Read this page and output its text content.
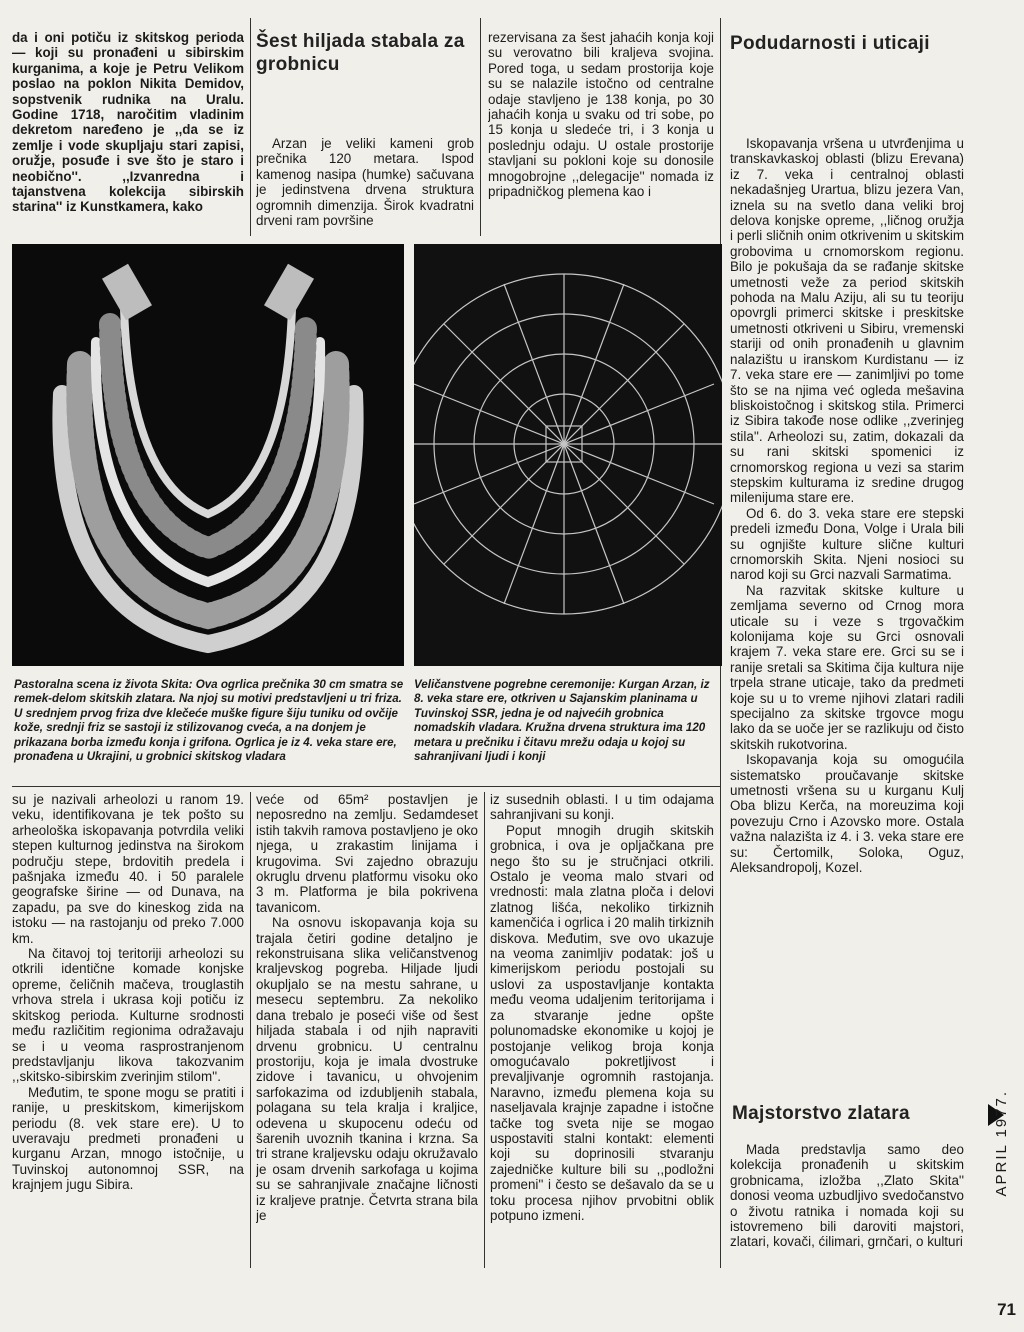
da i oni potiču iz skitskog perioda — koji su pronađeni u sibirskim kurganima, a koje je Petru Velikom poslao na poklon Nikita Demidov, sopstvenik rudnika na Uralu. Godine 1718, naročitim vladinim dekretom naređeno je ,,da se iz zemlje i vode skupljaju stari zapisi, oružje, posuđe i sve što je staro i neobično''. ,,Izvanredna i tajanstvena kolekcija sibirskih starina'' iz Kunstkamera, kako

Šest hiljada stabala za grobnicu

Arzan je veliki kameni grob prečnika 120 metara. Ispod kamenog nasipa (humke) sačuvana je jedinstvena drvena struktura ogromnih dimenzija. Širok kvadratni drveni ram površine

rezervisana za šest jahaćih konja koji su verovatno bili kraljeva svojina. Pored toga, u sedam prostorija koje su se nalazile istočno od centralne odaje stavljeno je 138 konja, po 30 jahaćih konja u svaku od tri sobe, po 15 konja u sledeće tri, i 3 konja u poslednju odaju. U ostale prostorije stavljani su pokloni koje su donosile mnogobrojne ,,delegacije'' nomada iz pripadničkog plemena kao i

Podudarnosti i uticaji

Iskopavanja vršena u utvrđenjima u transkavkaskoj oblasti (blizu Erevana) iz 7. veka i centralnoj oblasti nekadašnjeg Urartua, blizu jezera Van, iznela su na svetlo dana veliki broj delova konjske opreme, ,,ličnog oružja i perli sličnih onim otkrivenim u skitskim grobovima u crnomorskom regionu. Bilo je pokušaja da se rađanje skitske umetnosti veže za period skitskih pohoda na Malu Aziju, ali su tu teoriju opovrgli primerci skitske i preskitske umetnosti otkriveni u Sibiru, vremenski stariji od onih pronađenih u glavnim nalazištu u iranskom Kurdistanu — iz 7. veka stare ere — zanimljivi po tome što se na njima već ogleda mešavina bliskoistočnog i skitskog stila. Primerci iz Sibira takođe nose odlike ,,zverinjeg stila''. Arheolozi su, zatim, dokazali da su rani skitski spomenici iz crnomorskog regiona u vezi sa starim stepskim kulturama iz sredine drugog milenijuma stare ere.

Od 6. do 3. veka stare ere stepski predeli između Dona, Volge i Urala bili su ognjište kulture slične kulturi crnomorskih Skita. Njeni nosioci su narod koji su Grci nazvali Sarmatima.

Na razvitak skitske kulture u zemljama severno od Crnog mora uticale su i veze s trgovačkim kolonijama koje su Grci osnovali krajem 7. veka stare ere. Grci su se i ranije sretali sa Skitima čija kultura nije trpela strane uticaje, tako da predmeti koje su u to vreme njihovi zlatari radili specijalno za skitske trgovce mogu lako da se uoče jer se razlikuju od čisto skitskih rukotvorina.

Iskopavanja koja su omogućila sistematsko proučavanje skitske umetnosti vršena su u kurganu Kulj Oba blizu Kerča, na moreuzima koji povezuju Crno i Azovsko more. Ostala važna nalazišta iz 4. i 3. veka stare ere su: Čertomilk, Soloka, Oguz, Aleksandropolj, Kozel.

Majstorstvo zlatara

Mada predstavlja samo deo kolekcija pronađenih u skitskim grobnicama, izložba ,,Zlato Skita'' donosi veoma uzbudljivo svedočanstvo o životu ratnika i nomada koji su istovremeno bili daroviti majstori, zlatari, kovači, ćilimari, grnčari, o kulturi

Pastoralna scena iz života Skita: Ova ogrlica prečnika 30 cm smatra se remek-delom skitskih zlatara. Na njoj su motivi predstavljeni u tri friza. U srednjem prvog friza dve klečeće muške figure šiju tuniku od ovčije kože, srednji friz se sastoji iz stilizovanog cveća, a na donjem je prikazana borba između konja i grifona. Ogrlica je iz 4. veka stare ere, pronađena u Ukrajini, u grobnici skitskog vladara

Veličanstvene pogrebne ceremonije: Kurgan Arzan, iz 8. veka stare ere, otkriven u Sajanskim planinama u Tuvinskoj SSR, jedna je od najvećih grobnica nomadskih vladara. Kružna drvena struktura ima 120 metara u prečniku i čitavu mrežu odaja u kojoj su sahranjivani ljudi i konji

su je nazivali arheolozi u ranom 19. veku, identifikovana je tek pošto su arheološka iskopavanja potvrdila veliki stepen kulturnog jedinstva na širokom području stepe, brdovitih predela i pašnjaka između 40. i 50 paralele geografske širine — od Dunava, na zapadu, pa sve do kineskog zida na istoku — na rastojanju od preko 7.000 km.

Na čitavoj toj teritoriji arheolozi su otkrili identične komade konjske opreme, čeličnih mačeva, trouglastih vrhova strela i ukrasa koji potiču iz skitskog perioda. Kulturne srodnosti među različitim regionima odražavaju se i u veoma rasprostranjenom predstavljanju likova takozvanim ,,skitsko-sibirskim zverinjim stilom''.

Međutim, te spone mogu se pratiti i ranije, u preskitskom, kimerijskom periodu (8. vek stare ere). U to uveravaju predmeti pronađeni u kurganu Arzan, mnogo istočnije, u Tuvinskoj autonomnoj SSR, na krajnjem jugu Sibira.

veće od 65m² postavljen je neposredno na zemlju. Sedamdeset istih takvih ramova postavljeno je oko njega, u zrakastim linijama i krugovima. Svi zajedno obrazuju okruglu drvenu platformu visoku oko 3 m. Platforma je bila pokrivena tavanicom.

Na osnovu iskopavanja koja su trajala četiri godine detaljno je rekonstruisana slika veličanstvenog kraljevskog pogreba. Hiljade ljudi okupljalo se na mestu sahrane, u mesecu septembru. Za nekoliko dana trebalo je poseći više od šest hiljada stabala i od njih napraviti drvenu grobnicu. U centralnu prostoriju, koja je imala dvostruke zidove i tavanicu, u ohvojenim sarfokazima od izdubljenih stabala, polagana su tela kralja i kraljice, odevena u skupocenu odeću od šarenih uvoznih tkanina i krzna. Sa tri strane kraljevsku odaju okružavalo je osam drvenih sarkofaga u kojima su se sahranjivale značajne ličnosti iz kraljeve pratnje. Četvrta strana bila je

iz susednih oblasti. I u tim odajama sahranjivani su konji.

Poput mnogih drugih skitskih grobnica, i ova je opljačkana pre nego što su je stručnjaci otkrili. Ostalo je veoma malo stvari od vrednosti: mala zlatna ploča i delovi zlatnog lišća, nekoliko tirkiznih kamenčića i ogrlica i 20 malih tirkiznih diskova. Međutim, sve ovo ukazuje na veoma zanimljiv podatak: još u kimerijskom periodu postojali su uslovi za uspostavljanje kontakta među veoma udaljenim teritorijama i za stvaranje jedne opšte polunomadske ekonomike u kojoj je postojanje velikog broja konja omogućavalo pokretljivost i prevaljivanje ogromnih rastojanja. Naravno, između plemena koja su naseljavala krajnje zapadne i istočne tačke tog sveta nije se mogao uspostaviti stalni kontakt: elementi koji su doprinosili stvaranju zajedničke kulture bili su ,,podložni promeni'' i često se dešavalo da se u toku procesa njihov prvobitni oblik potpuno izmeni.

APRIL 1977.
71
